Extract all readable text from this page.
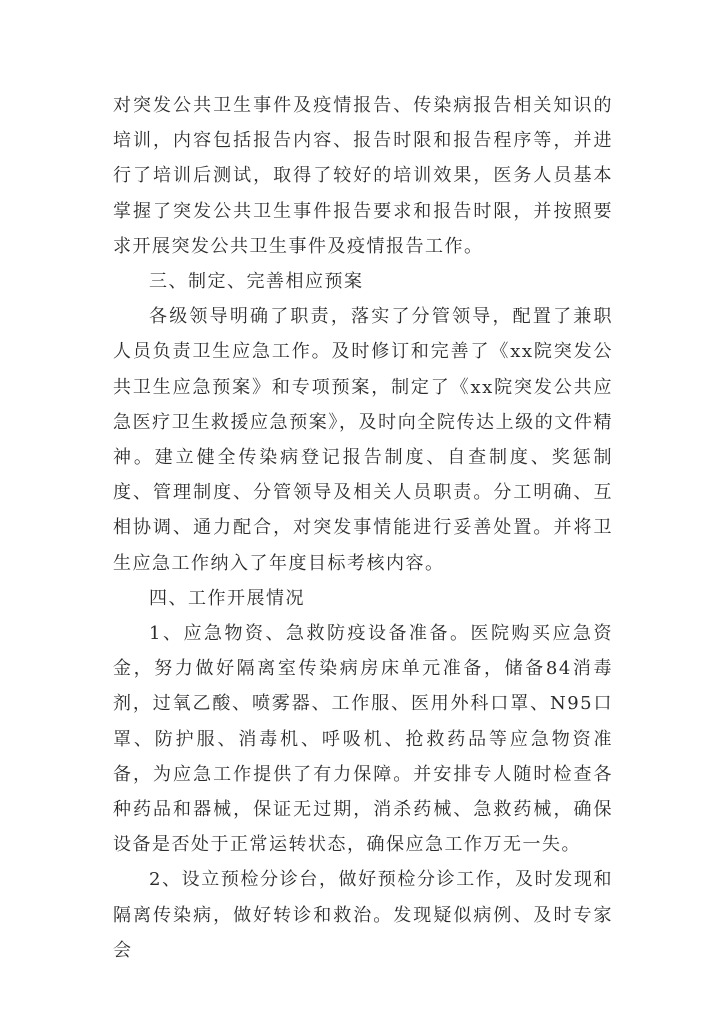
对突发公共卫生事件及疫情报告、传染病报告相关知识的培训，内容包括报告内容、报告时限和报告程序等，并进行了培训后测试，取得了较好的培训效果，医务人员基本掌握了突发公共卫生事件报告要求和报告时限，并按照要求开展突发公共卫生事件及疫情报告工作。

三、制定、完善相应预案

各级领导明确了职责，落实了分管领导，配置了兼职人员负责卫生应急工作。及时修订和完善了《xx院突发公共卫生应急预案》和专项预案，制定了《xx院突发公共应急医疗卫生救援应急预案》，及时向全院传达上级的文件精神。建立健全传染病登记报告制度、自查制度、奖惩制度、管理制度、分管领导及相关人员职责。分工明确、互相协调、通力配合，对突发事情能进行妥善处置。并将卫生应急工作纳入了年度目标考核内容。

四、工作开展情况

1、应急物资、急救防疫设备准备。医院购买应急资金，努力做好隔离室传染病房床单元准备，储备84消毒剂，过氧乙酸、喷雾器、工作服、医用外科口罩、N95口罩、防护服、消毒机、呼吸机、抢救药品等应急物资准备，为应急工作提供了有力保障。并安排专人随时检查各种药品和器械，保证无过期，消杀药械、急救药械，确保设备是否处于正常运转状态，确保应急工作万无一失。

2、设立预检分诊台，做好预检分诊工作，及时发现和隔离传染病，做好转诊和救治。发现疑似病例、及时专家会
